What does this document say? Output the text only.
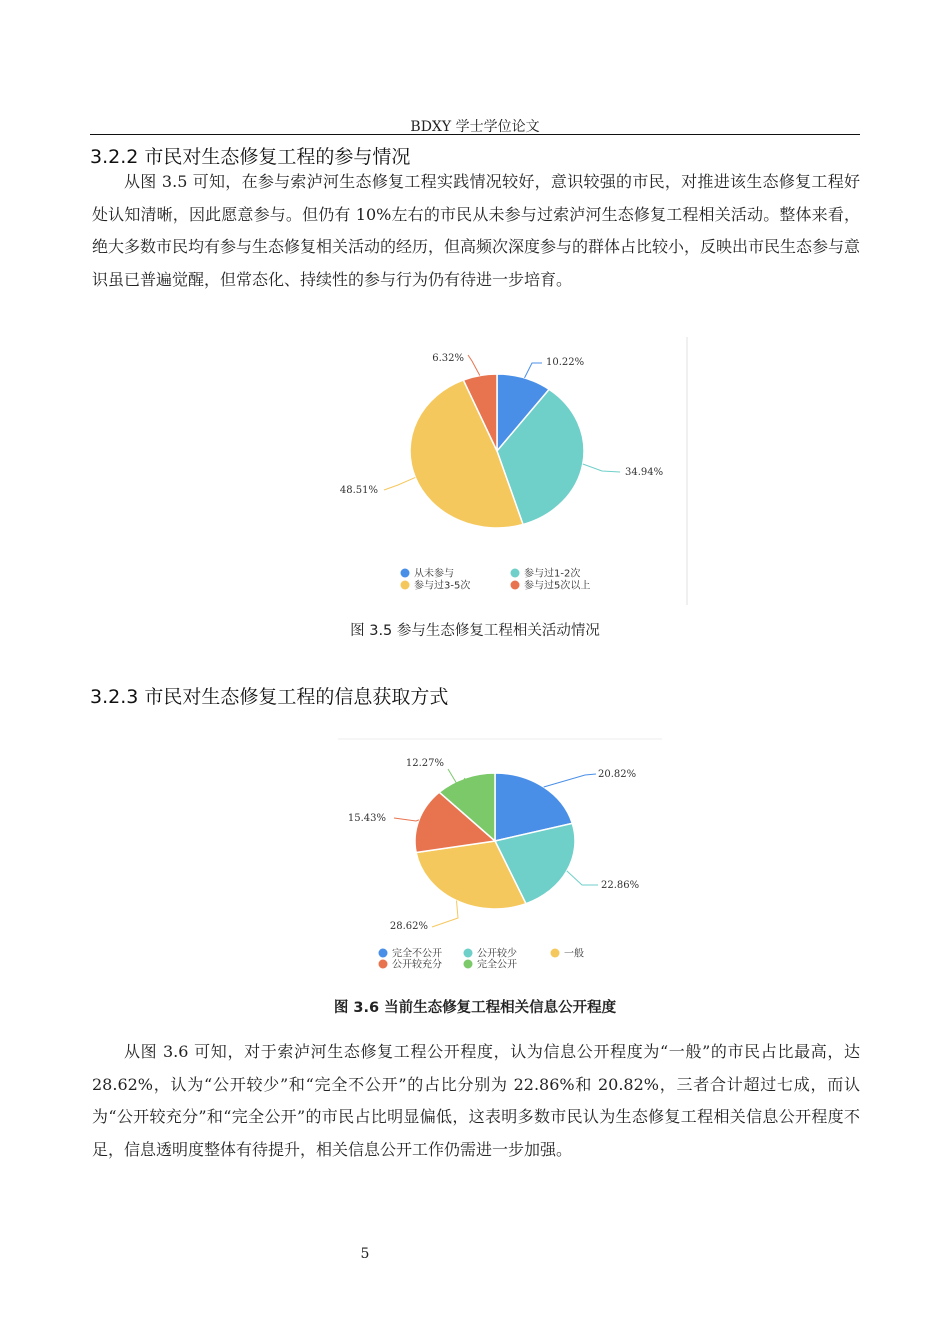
BDXY 学士学位论文
3.2.2 市民对生态修复工程的参与情况

从图 3.5 可知，在参与索泸河生态修复工程实践情况较好，意识较强的市民，对推进该生态修复工程好处认知清晰，因此愿意参与。但仍有 10%左右的市民从未参与过索泸河生态修复工程相关活动。整体来看，绝大多数市民均有参与生态修复相关活动的经历，但高频次深度参与的群体占比较小，反映出市民生态参与意识虽已普遍觉醒，但常态化、持续性的参与行为仍有待进一步培育。

10.22%
34.94%
48.51%
6.32%
从未参与	参与过1-2次
参与过3-5次	参与过5次以上
图 3.5 参与生态修复工程相关活动情况
3.2.3 市民对生态修复工程的信息获取方式
20.82%
22.86%
28.62%
15.43%
12.27%
完全不公开	公开较少	一般
公开较充分	完全公开
图 3.6 当前生态修复工程相关信息公开程度

从图 3.6 可知，对于索泸河生态修复工程公开程度，认为信息公开程度为“一般”的市民占比最高，达 28.62%，认为“公开较少”和“完全不公开”的占比分别为 22.86%和 20.82%，三者合计超过七成，而认为“公开较充分”和“完全公开”的市民占比明显偏低，这表明多数市民认为生态修复工程相关信息公开程度不足，信息透明度整体有待提升，相关信息公开工作仍需进一步加强。

5
